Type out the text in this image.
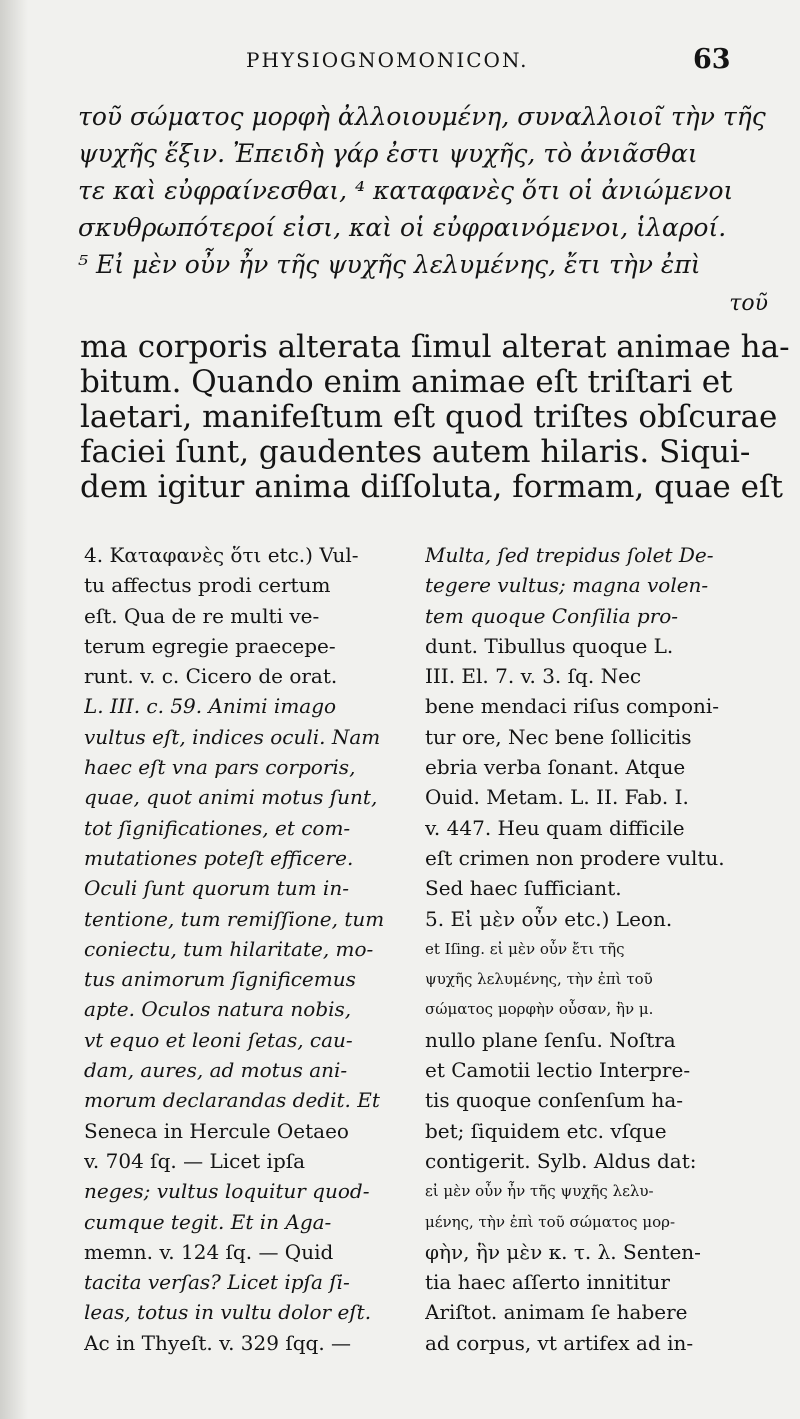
PHYSIOGNOMONICON.	63
τοῦ σώματος μορφὴ ἀλλοιουμένη, συναλλοιοῖ τὴν τῆς
ψυχῆς ἕξιν. Ἐπειδὴ γάρ ἐστι ψυχῆς, τὸ ἀνιᾶσθαι
τε καὶ εὐφραίνεσθαι, ⁴ καταφανὲς ὅτι οἱ ἀνιώμενοι
σκυθρωπότεροί εἰσι, καὶ οἱ εὐφραινόμενοι, ἱλαροί.
⁵ Εἰ μὲν οὖν ἦν τῆς ψυχῆς λελυμένης, ἔτι τὴν ἐπὶ
τοῦ
ma corporis alterata ſimul alterat animae ha-
bitum. Quando enim animae eſt triſtari et
laetari, manifeſtum eſt quod triſtes obſcurae
faciei ſunt, gaudentes autem hilaris. Siqui-
dem igitur anima diſſoluta, formam, quae eſt
4. Καταφανὲς ὅτι etc.) Vul-
tu affectus prodi certum
eſt. Qua de re multi ve-
terum egregie praecepe-
runt. v. c. Cicero de orat.
L. III. c. 59. Animi imago
vultus eſt, indices oculi. Nam
haec eſt vna pars corporis,
quae, quot animi motus ſunt,
tot ſignificationes, et com-
mutationes poteſt efficere.
Oculi ſunt quorum tum in-
tentione, tum remiſſione, tum
coniectu, tum hilaritate, mo-
tus animorum ſignificemus
apte. Oculos natura nobis,
vt equo et leoni ſetas, cau-
dam, aures, ad motus ani-
morum declarandas dedit. Et
Seneca in Hercule Oetaeo
v. 704 ſq. — Licet ipſa
neges; vultus loquitur quod-
cumque tegit. Et in Aga-
memn. v. 124 ſq. — Quid
tacita verſas? Licet ipſa ſi-
leas, totus in vultu dolor eſt.
Ac in Thyeſt. v. 329 ſqq. —
Multa, ſed trepidus ſolet De-
tegere vultus; magna volen-
tem quoque Conſilia pro-
dunt. Tibullus quoque L.
III. El. 7. v. 3. ſq. Nec
bene mendaci riſus componi-
tur ore, Nec bene ſollicitis
ebria verba ſonant. Atque
Ouid. Metam. L. II. Fab. I.
v. 447. Heu quam difficile
eſt crimen non prodere vultu.
Sed haec ſufficiant.
5. Εἰ μὲν οὖν etc.) Leon.
et Iſing. εἰ μὲν οὖν ἔτι τῆς
ψυχῆς λελυμένης, τὴν ἐπὶ τοῦ
σώματος μορφὴν οὖσαν, ἣν μ.
nullo plane ſenſu. Noſtra
et Camotii lectio Interpre-
tis quoque conſenſum ha-
bet; ſiquidem etc. vſque
contigerit. Sylb. Aldus dat:
εἰ μὲν οὖν ἦν τῆς ψυχῆς λελυ-
μένης, τὴν ἐπὶ τοῦ σώματος μορ-
φὴν, ἣν μὲν κ. τ. λ. Senten-
tia haec aſſerto innititur
Ariſtot. animam ſe habere
ad corpus, vt artifex ad in-
